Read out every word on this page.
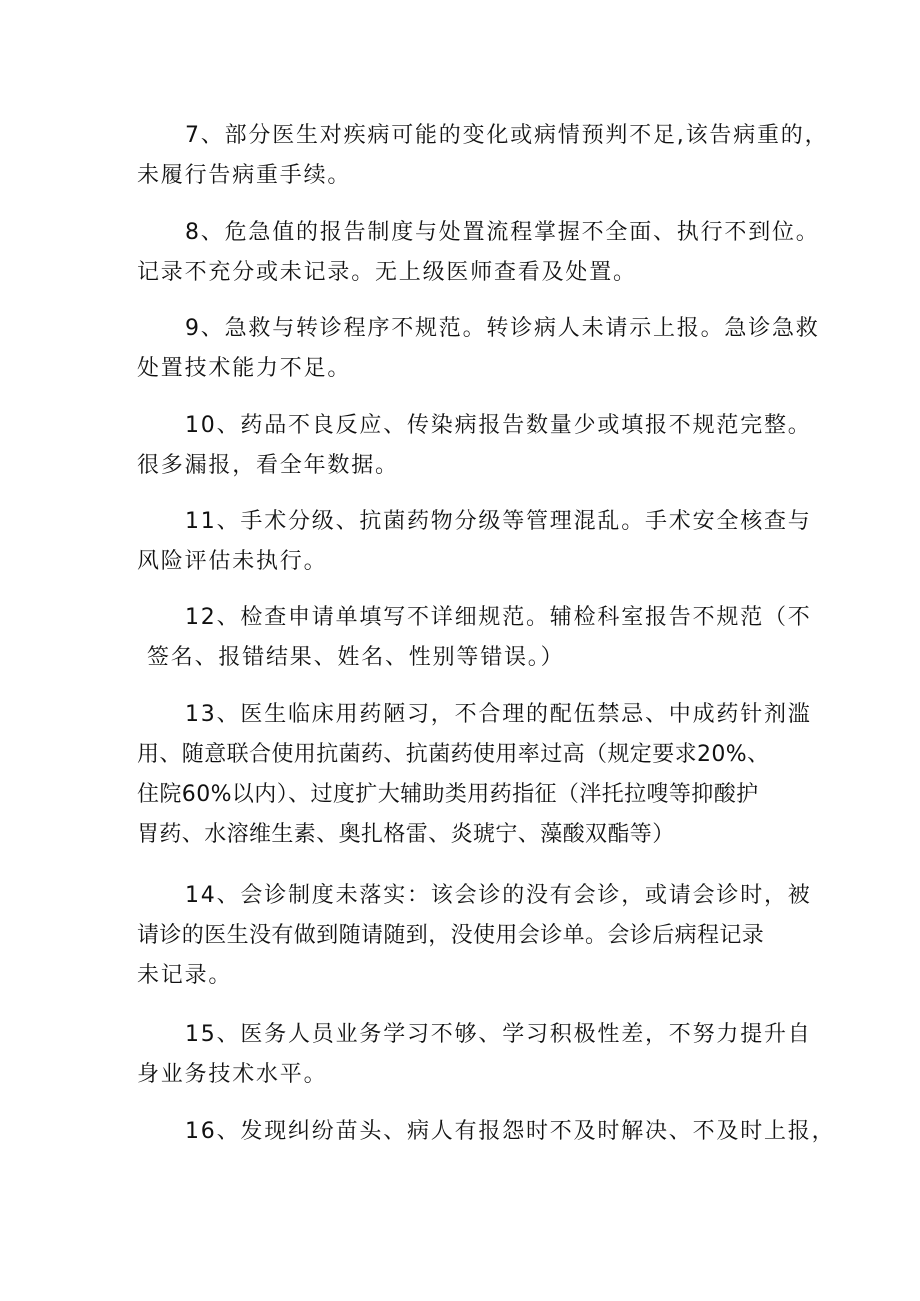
7、部分医生对疾病可能的变化或病情预判不足,该告病重的，
未履行告病重手续。
8、危急值的报告制度与处置流程掌握不全面、执行不到位。
记录不充分或未记录。无上级医师查看及处置。
9、急救与转诊程序不规范。转诊病人未请示上报。急诊急救
处置技术能力不足。
10、药品不良反应、传染病报告数量少或填报不规范完整。
很多漏报，看全年数据。
11、手术分级、抗菌药物分级等管理混乱。手术安全核查与
风险评估未执行。
12、检查申请单填写不详细规范。辅检科室报告不规范（不
签名、报错结果、姓名、性别等错误。）
13、医生临床用药陋习，不合理的配伍禁忌、中成药针剂滥
用、随意联合使用抗菌药、抗菌药使用率过高（规定要求20%、
住院60%以内）、过度扩大辅助类用药指征（泮托拉嗖等抑酸护
胃药、水溶维生素、奥扎格雷、炎琥宁、藻酸双酯等）
14、会诊制度未落实：该会诊的没有会诊，或请会诊时，被
请诊的医生没有做到随请随到，没使用会诊单。会诊后病程记录
未记录。
15、医务人员业务学习不够、学习积极性差，不努力提升自
身业务技术水平。
16、发现纠纷苗头、病人有报怨时不及时解决、不及时上报，
